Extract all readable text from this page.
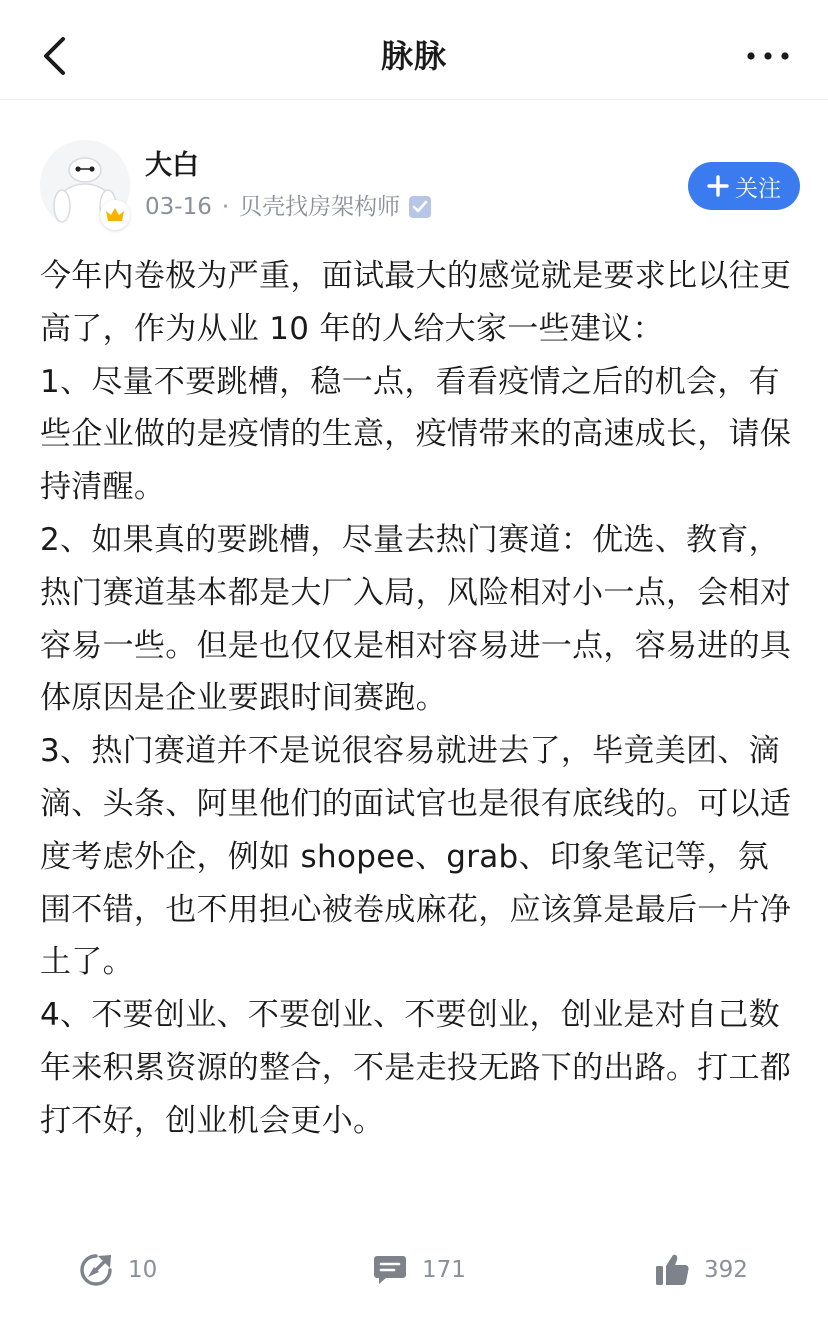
脉脉
大白
03-16 · 贝壳找房架构师
关注

今年内卷极为严重，面试最大的感觉就是要求比以往更高了，作为从业 10 年的人给大家一些建议：

1、尽量不要跳槽，稳一点，看看疫情之后的机会，有些企业做的是疫情的生意，疫情带来的高速成长，请保持清醒。

2、如果真的要跳槽，尽量去热门赛道：优选、教育，热门赛道基本都是大厂入局，风险相对小一点，会相对容易一些。但是也仅仅是相对容易进一点，容易进的具体原因是企业要跟时间赛跑。

3、热门赛道并不是说很容易就进去了，毕竟美团、滴滴、头条、阿里他们的面试官也是很有底线的。可以适度考虑外企，例如 shopee、grab、印象笔记等，氛围不错，也不用担心被卷成麻花，应该算是最后一片净土了。

4、不要创业、不要创业、不要创业，创业是对自己数年来积累资源的整合，不是走投无路下的出路。打工都打不好，创业机会更小。

10	171	392
